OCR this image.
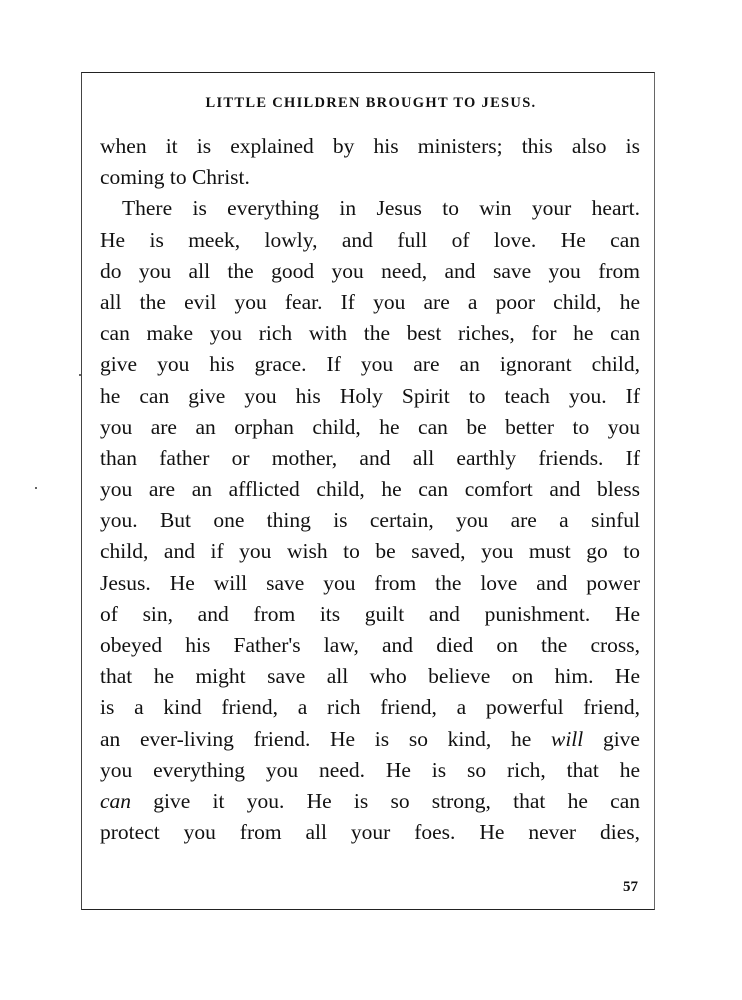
LITTLE CHILDREN BROUGHT TO JESUS.
when it is explained by his ministers; this also is
coming to Christ.
There is everything in Jesus to win your heart.
He is meek, lowly, and full of love. He can
do you all the good you need, and save you from
all the evil you fear. If you are a poor child, he
can make you rich with the best riches, for he can
give you his grace. If you are an ignorant child,
he can give you his Holy Spirit to teach you. If
you are an orphan child, he can be better to you
than father or mother, and all earthly friends. If
you are an afflicted child, he can comfort and bless
you. But one thing is certain, you are a sinful
child, and if you wish to be saved, you must go to
Jesus. He will save you from the love and power
of sin, and from its guilt and punishment. He
obeyed his Father's law, and died on the cross,
that he might save all who believe on him. He
is a kind friend, a rich friend, a powerful friend,
an ever-living friend. He is so kind, he will give
you everything you need. He is so rich, that he
can give it you. He is so strong, that he can
protect you from all your foes. He never dies,
57
